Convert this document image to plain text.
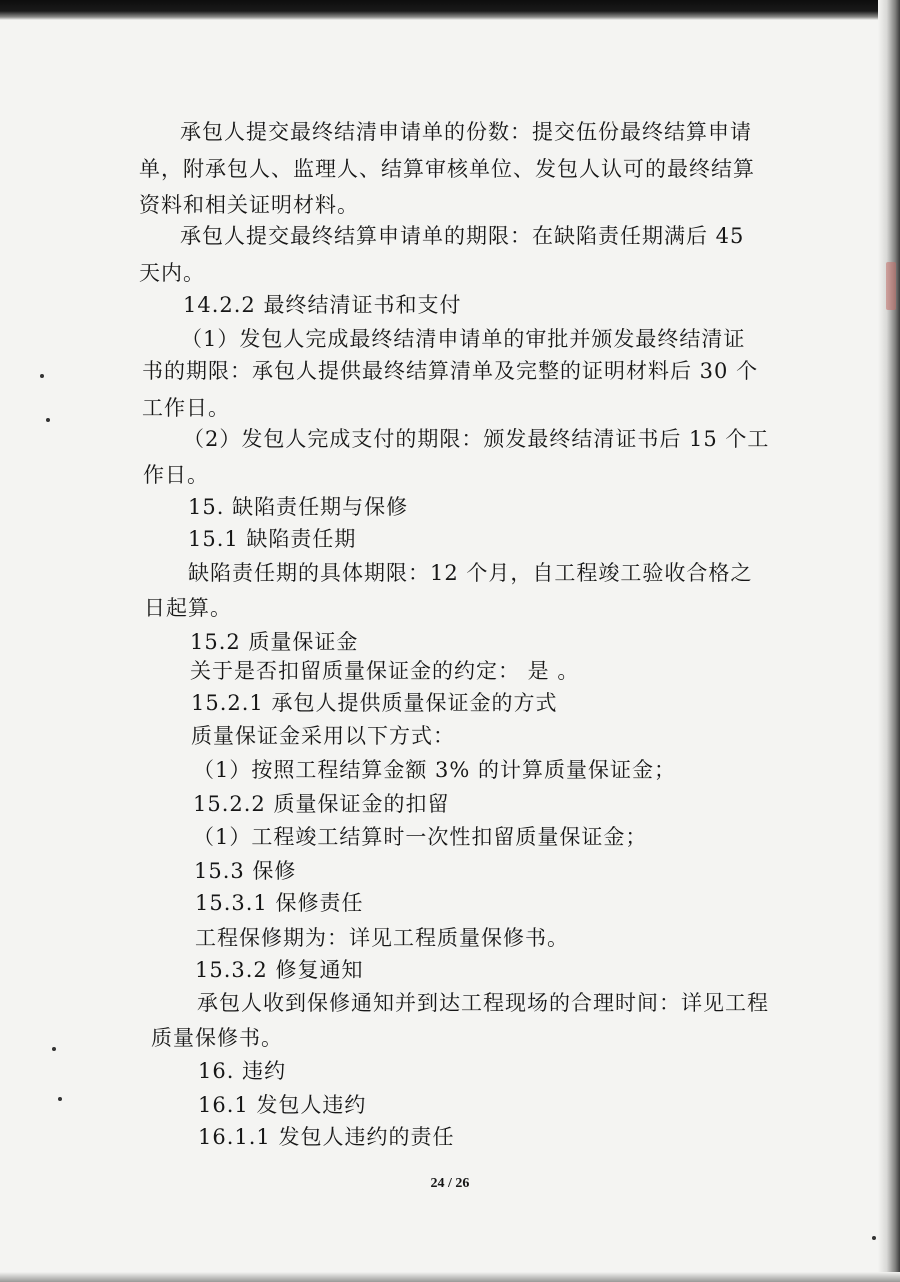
承包人提交最终结清申请单的份数：提交伍份最终结算申请

单，附承包人、监理人、结算审核单位、发包人认可的最终结算

资料和相关证明材料。

承包人提交最终结算申请单的期限：在缺陷责任期满后 45

天内。

14.2.2 最终结清证书和支付

（1）发包人完成最终结清申请单的审批并颁发最终结清证

书的期限：承包人提供最终结算清单及完整的证明材料后 30 个

工作日。

（2）发包人完成支付的期限：颁发最终结清证书后 15 个工

作日。

15. 缺陷责任期与保修

15.1 缺陷责任期

缺陷责任期的具体期限：12 个月，自工程竣工验收合格之

日起算。

15.2 质量保证金

关于是否扣留质量保证金的约定： 是 。

15.2.1 承包人提供质量保证金的方式

质量保证金采用以下方式：

（1）按照工程结算金额 3% 的计算质量保证金；

15.2.2 质量保证金的扣留

（1）工程竣工结算时一次性扣留质量保证金；

15.3 保修

15.3.1 保修责任

工程保修期为：详见工程质量保修书。

15.3.2 修复通知

承包人收到保修通知并到达工程现场的合理时间：详见工程

质量保修书。

16. 违约

16.1 发包人违约

16.1.1 发包人违约的责任

24 / 26
